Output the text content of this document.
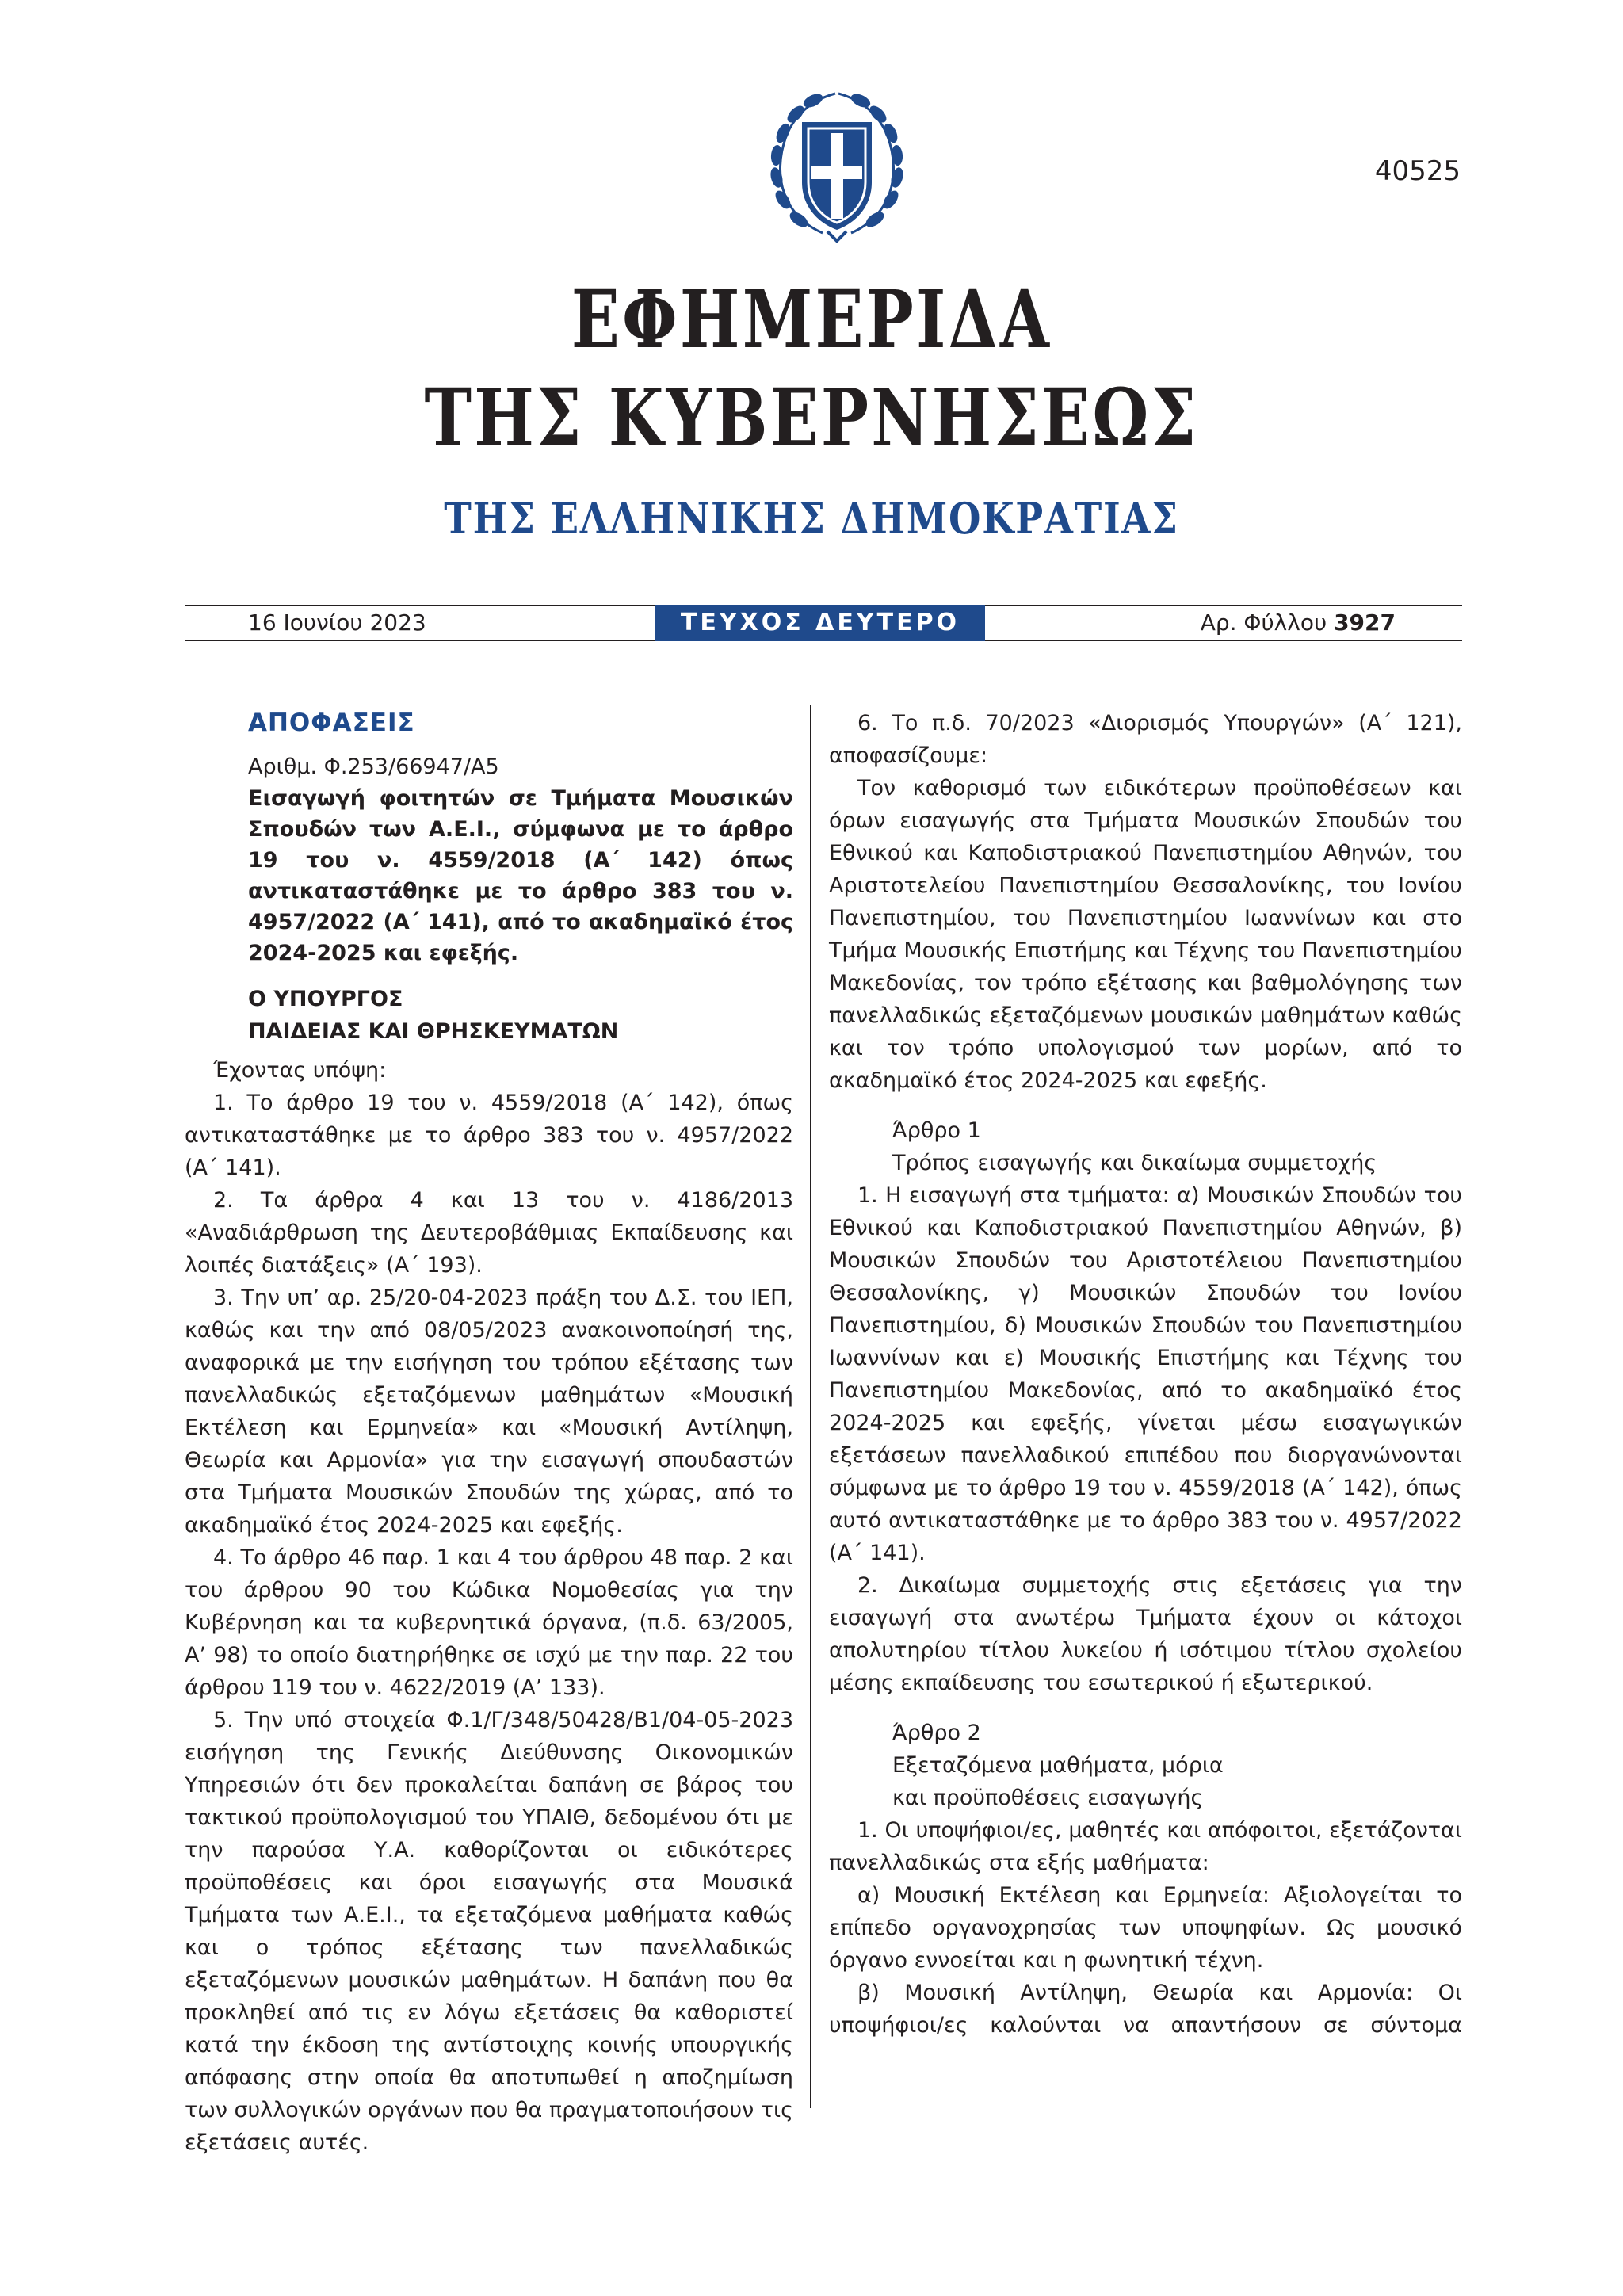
40525
ΕΦΗΜΕΡΙΔΑ
ΤΗΣ ΚΥΒΕΡΝΗΣΕΩΣ
ΤΗΣ ΕΛΛΗΝΙΚΗΣ ΔΗΜΟΚΡΑΤΙΑΣ
16 Ιουνίου 2023	ΤΕΥΧΟΣ ΔΕΥΤΕΡΟ	Αρ. Φύλλου 3927

ΑΠΟΦΑΣΕΙΣ

Αριθμ. Φ.253/66947/Α5

Εισαγωγή φοιτητών σε Τμήματα Μουσικών Σπουδών των Α.Ε.Ι., σύμφωνα με το άρθρο 19 του ν. 4559/2018 (Α΄ 142) όπως αντικαταστάθηκε με το άρθρο 383 του ν. 4957/2022 (Α΄ 141), από το ακαδημαϊκό έτος 2024-2025 και εφεξής.

Ο ΥΠΟΥΡΓΟΣ
ΠΑΙΔΕΙΑΣ ΚΑΙ ΘΡΗΣΚΕΥΜΑΤΩΝ

Έχοντας υπόψη:

1. Το άρθρο 19 του ν. 4559/2018 (Α΄ 142), όπως αντικαταστάθηκε με το άρθρο 383 του ν. 4957/2022 (Α΄ 141).

2. Τα άρθρα 4 και 13 του ν. 4186/2013 «Αναδιάρθρωση της Δευτεροβάθμιας Εκπαίδευσης και λοιπές διατάξεις» (Α΄ 193).

3. Την υπ’ αρ. 25/20-04-2023 πράξη του Δ.Σ. του ΙΕΠ, καθώς και την από 08/05/2023 ανακοινοποίησή της, αναφορικά με την εισήγηση του τρόπου εξέτασης των πανελλαδικώς εξεταζόμενων μαθημάτων «Μουσική Εκτέλεση και Ερμηνεία» και «Μουσική Αντίληψη, Θεωρία και Αρμονία» για την εισαγωγή σπουδαστών στα Τμήματα Μουσικών Σπουδών της χώρας, από το ακαδημαϊκό έτος 2024-2025 και εφεξής.

4. Το άρθρο 46 παρ. 1 και 4 του άρθρου 48 παρ. 2 και του άρθρου 90 του Κώδικα Νομοθεσίας για την Κυβέρνηση και τα κυβερνητικά όργανα, (π.δ. 63/2005, Α’ 98) το οποίο διατηρήθηκε σε ισχύ με την παρ. 22 του άρθρου 119 του ν. 4622/2019 (Α’ 133).

5. Την υπό στοιχεία Φ.1/Γ/348/50428/Β1/04-05-2023 εισήγηση της Γενικής Διεύθυνσης Οικονομικών Υπηρεσιών ότι δεν προκαλείται δαπάνη σε βάρος του τακτικού προϋπολογισμού του ΥΠΑΙΘ, δεδομένου ότι με την παρούσα Υ.Α. καθορίζονται οι ειδικότερες προϋποθέσεις και όροι εισαγωγής στα Μουσικά Τμήματα των Α.Ε.Ι., τα εξεταζόμενα μαθήματα καθώς και ο τρόπος εξέτασης των πανελλαδικώς εξεταζόμενων μουσικών μαθημάτων. Η δαπάνη που θα προκληθεί από τις εν λόγω εξετάσεις θα καθοριστεί κατά την έκδοση της αντίστοιχης κοινής υπουργικής απόφασης στην οποία θα αποτυπωθεί η αποζημίωση των συλλογικών οργάνων που θα πραγματοποιήσουν τις εξετάσεις αυτές.

6. Το π.δ. 70/2023 «Διορισμός Υπουργών» (Α΄ 121), αποφασίζουμε:

Τον καθορισμό των ειδικότερων προϋποθέσεων και όρων εισαγωγής στα Τμήματα Μουσικών Σπουδών του Εθνικού και Καποδιστριακού Πανεπιστημίου Αθηνών, του Αριστοτελείου Πανεπιστημίου Θεσσαλονίκης, του Ιονίου Πανεπιστημίου, του Πανεπιστημίου Ιωαννίνων και στο Τμήμα Μουσικής Επιστήμης και Τέχνης του Πανεπιστημίου Μακεδονίας, τον τρόπο εξέτασης και βαθμολόγησης των πανελλαδικώς εξεταζόμενων μουσικών μαθημάτων καθώς και τον τρόπο υπολογισμού των μορίων, από το ακαδημαϊκό έτος 2024-2025 και εφεξής.

Άρθρο 1

Τρόπος εισαγωγής και δικαίωμα συμμετοχής

1. Η εισαγωγή στα τμήματα: α) Μουσικών Σπουδών του Εθνικού και Καποδιστριακού Πανεπιστημίου Αθηνών, β) Μουσικών Σπουδών του Αριστοτέλειου Πανεπιστημίου Θεσσαλονίκης, γ) Μουσικών Σπουδών του Ιονίου Πανεπιστημίου, δ) Μουσικών Σπουδών του Πανεπιστημίου Ιωαννίνων και ε) Μουσικής Επιστήμης και Τέχνης του Πανεπιστημίου Μακεδονίας, από το ακαδημαϊκό έτος 2024-2025 και εφεξής, γίνεται μέσω εισαγωγικών εξετάσεων πανελλαδικού επιπέδου που διοργανώνονται σύμφωνα με το άρθρο 19 του ν. 4559/2018 (Α΄ 142), όπως αυτό αντικαταστάθηκε με το άρθρο 383 του ν. 4957/2022 (Α΄ 141).

2. Δικαίωμα συμμετοχής στις εξετάσεις για την εισαγωγή στα ανωτέρω Τμήματα έχουν οι κάτοχοι απολυτηρίου τίτλου λυκείου ή ισότιμου τίτλου σχολείου μέσης εκπαίδευσης του εσωτερικού ή εξωτερικού.

Άρθρο 2

Εξεταζόμενα μαθήματα, μόρια

και προϋποθέσεις εισαγωγής

1. Οι υποψήφιοι/ες, μαθητές και απόφοιτοι, εξετάζονται πανελλαδικώς στα εξής μαθήματα:

α) Μουσική Εκτέλεση και Ερμηνεία: Αξιολογείται το επίπεδο οργανοχρησίας των υποψηφίων. Ως μουσικό όργανο εννοείται και η φωνητική τέχνη.

β) Μουσική Αντίληψη, Θεωρία και Αρμονία: Οι υποψήφιοι/ες καλούνται να απαντήσουν σε σύντομα
